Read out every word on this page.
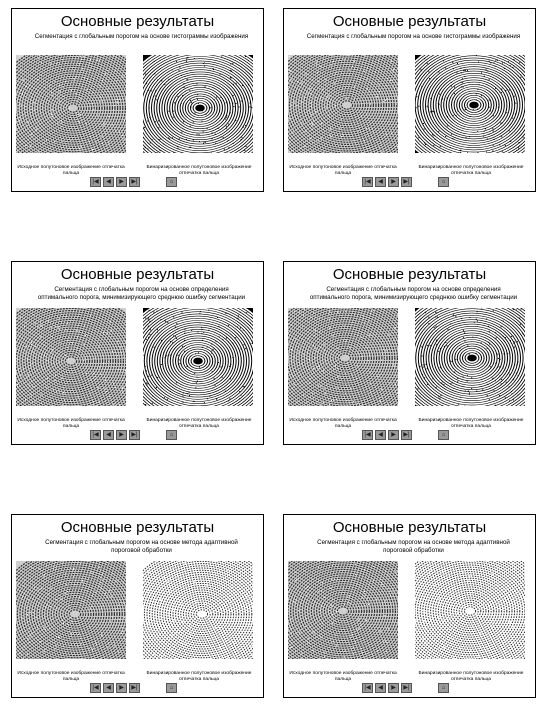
Основные результаты
Сегментация с глобальным порогом на основе гистограммы изображения
Исходное полутоновое изображение отпечатка пальца
Бинаризированное полутоновое изображение отпечатка пальца
|◀	◀	▶	▶|	⌂
Основные результаты
Сегментация с глобальным порогом на основе гистограммы изображения
Исходное полутоновое изображение отпечатка пальца
Бинаризированное полутоновое изображение отпечатка пальца
|◀	◀	▶	▶|	⌂
Основные результаты
Сегментация с глобальным порогом на основе определения оптимального порога, минимизирующего среднюю ошибку сегментации
Исходное полутоновое изображение отпечатка пальца
Бинаризированное полутоновое изображение отпечатка пальца
|◀	◀	▶	▶|	⌂
Основные результаты
Сегментация с глобальным порогом на основе определения оптимального порога, минимизирующего среднюю ошибку сегментации
Исходное полутоновое изображение отпечатка пальца
Бинаризированное полутоновое изображение отпечатка пальца
|◀	◀	▶	▶|	⌂
Основные результаты
Сегментация с глобальным порогом на основе метода адаптивной пороговой обработки
Исходное полутоновое изображение отпечатка пальца
Бинаризированное полутоновое изображение отпечатка пальца
|◀	◀	▶	▶|	⌂
Основные результаты
Сегментация с глобальным порогом на основе метода адаптивной пороговой обработки
Исходное полутоновое изображение отпечатка пальца
Бинаризированное полутоновое изображение отпечатка пальца
|◀	◀	▶	▶|	⌂
